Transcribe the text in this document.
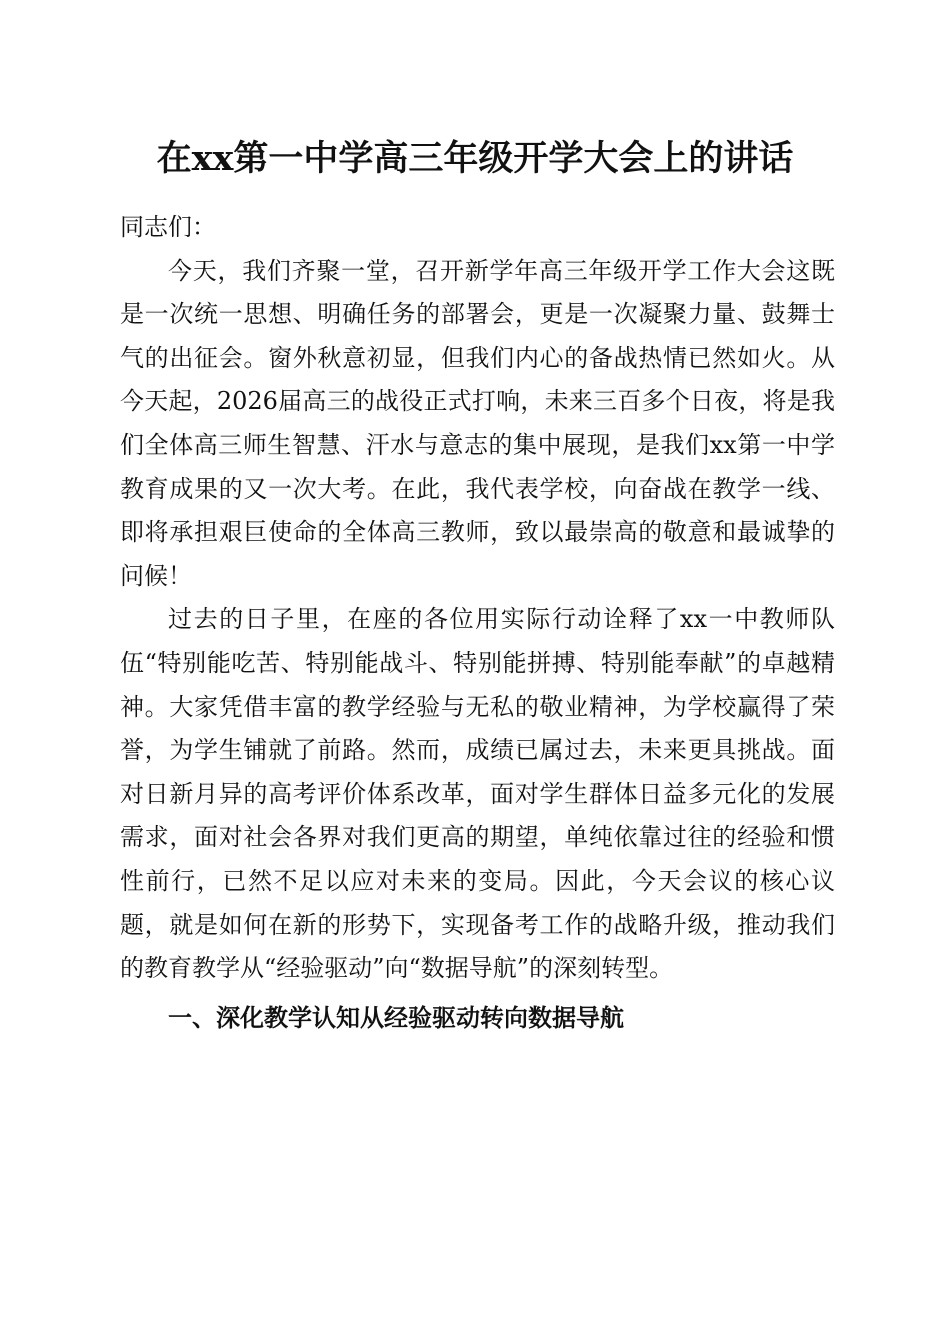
在xx第一中学高三年级开学大会上的讲话

同志们：

今天，我们齐聚一堂，召开新学年高三年级开学工作大会这既是一次统一思想、明确任务的部署会，更是一次凝聚力量、鼓舞士气的出征会。窗外秋意初显，但我们内心的备战热情已然如火。从今天起，2026届高三的战役正式打响，未来三百多个日夜，将是我们全体高三师生智慧、汗水与意志的集中展现，是我们xx第一中学教育成果的又一次大考。在此，我代表学校，向奋战在教学一线、即将承担艰巨使命的全体高三教师，致以最崇高的敬意和最诚挚的问候！

过去的日子里，在座的各位用实际行动诠释了xx一中教师队伍“特别能吃苦、特别能战斗、特别能拼搏、特别能奉献”的卓越精神。大家凭借丰富的教学经验与无私的敬业精神，为学校赢得了荣誉，为学生铺就了前路。然而，成绩已属过去，未来更具挑战。面对日新月异的高考评价体系改革，面对学生群体日益多元化的发展需求，面对社会各界对我们更高的期望，单纯依靠过往的经验和惯性前行，已然不足以应对未来的变局。因此，今天会议的核心议题，就是如何在新的形势下，实现备考工作的战略升级，推动我们的教育教学从“经验驱动”向“数据导航”的深刻转型。

一、深化教学认知从经验驱动转向数据导航
